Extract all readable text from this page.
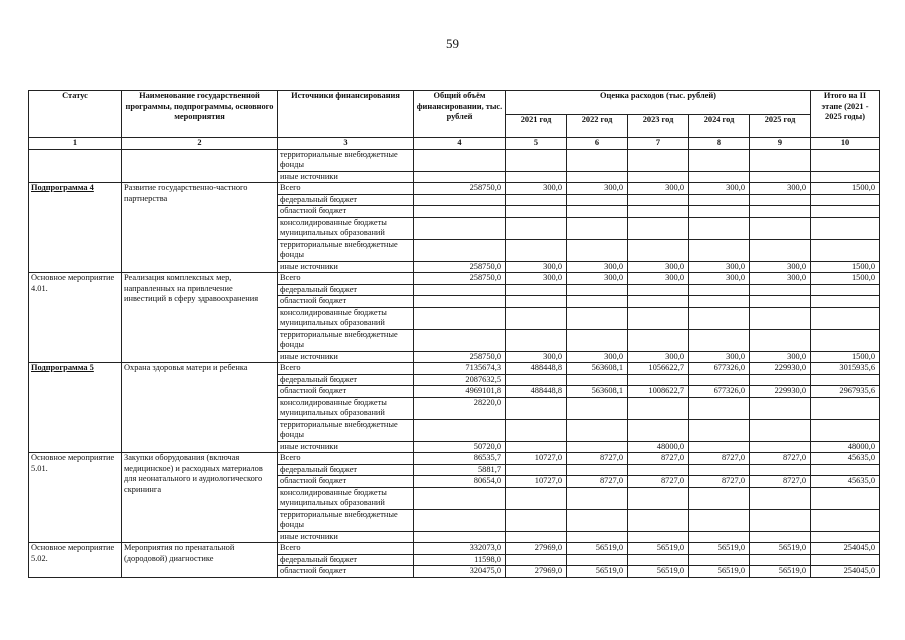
59
Статус	Наименование государственной программы, подпрограммы, основного мероприятия	Источники финансирования	Общий объём финансировании, тыс. рублей	Оценка расходов (тыс. рублей)					Итого на II этапе (2021 - 2025 годы)
				2021 год	2022 год	2023 год	2024 год	2025 год	
1	2	3	4	5	6	7	8	9	10
		территориальные внебюджетные фонды							
		иные источники							
Подпрограмма 4	Развитие государственно-частного партнерства	Всего	258750,0	300,0	300,0	300,0	300,0	300,0	1500,0
		федеральный бюджет							
		областной бюджет							
		консолидированные бюджеты муниципальных образований							
		территориальные внебюджетные фонды							
		иные источники	258750,0	300,0	300,0	300,0	300,0	300,0	1500,0
Основное мероприятие 4.01.	Реализация комплексных мер, направленных на привлечение инвестиций в сферу здравоохранения	Всего	258750,0	300,0	300,0	300,0	300,0	300,0	1500,0
		федеральный бюджет							
		областной бюджет							
		консолидированные бюджеты муниципальных образований							
		территориальные внебюджетные фонды							
		иные источники	258750,0	300,0	300,0	300,0	300,0	300,0	1500,0
Подпрограмма 5	Охрана здоровья матери и ребенка	Всего	7135674,3	488448,8	563608,1	1056622,7	677326,0	229930,0	3015935,6
		федеральный бюджет	2087632,5						
		областной бюджет	4969101,8	488448,8	563608,1	1008622,7	677326,0	229930,0	2967935,6
		консолидированные бюджеты муниципальных образований	28220,0						
		территориальные внебюджетные фонды							
		иные источники	50720,0			48000,0			48000,0
Основное мероприятие 5.01.	Закупки оборудования (включая медицинское) и расходных материалов для неонатального и аудиологического скрининга	Всего	86535,7	10727,0	8727,0	8727,0	8727,0	8727,0	45635,0
		федеральный бюджет	5881,7						
		областной бюджет	80654,0	10727,0	8727,0	8727,0	8727,0	8727,0	45635,0
		консолидированные бюджеты муниципальных образований							
		территориальные внебюджетные фонды							
		иные источники							
Основное мероприятие 5.02.	Мероприятия по пренатальной (дородовой) диагностике	Всего	332073,0	27969,0	56519,0	56519,0	56519,0	56519,0	254045,0
		федеральный бюджет	11598,0						
		областной бюджет	320475,0	27969,0	56519,0	56519,0	56519,0	56519,0	254045,0
